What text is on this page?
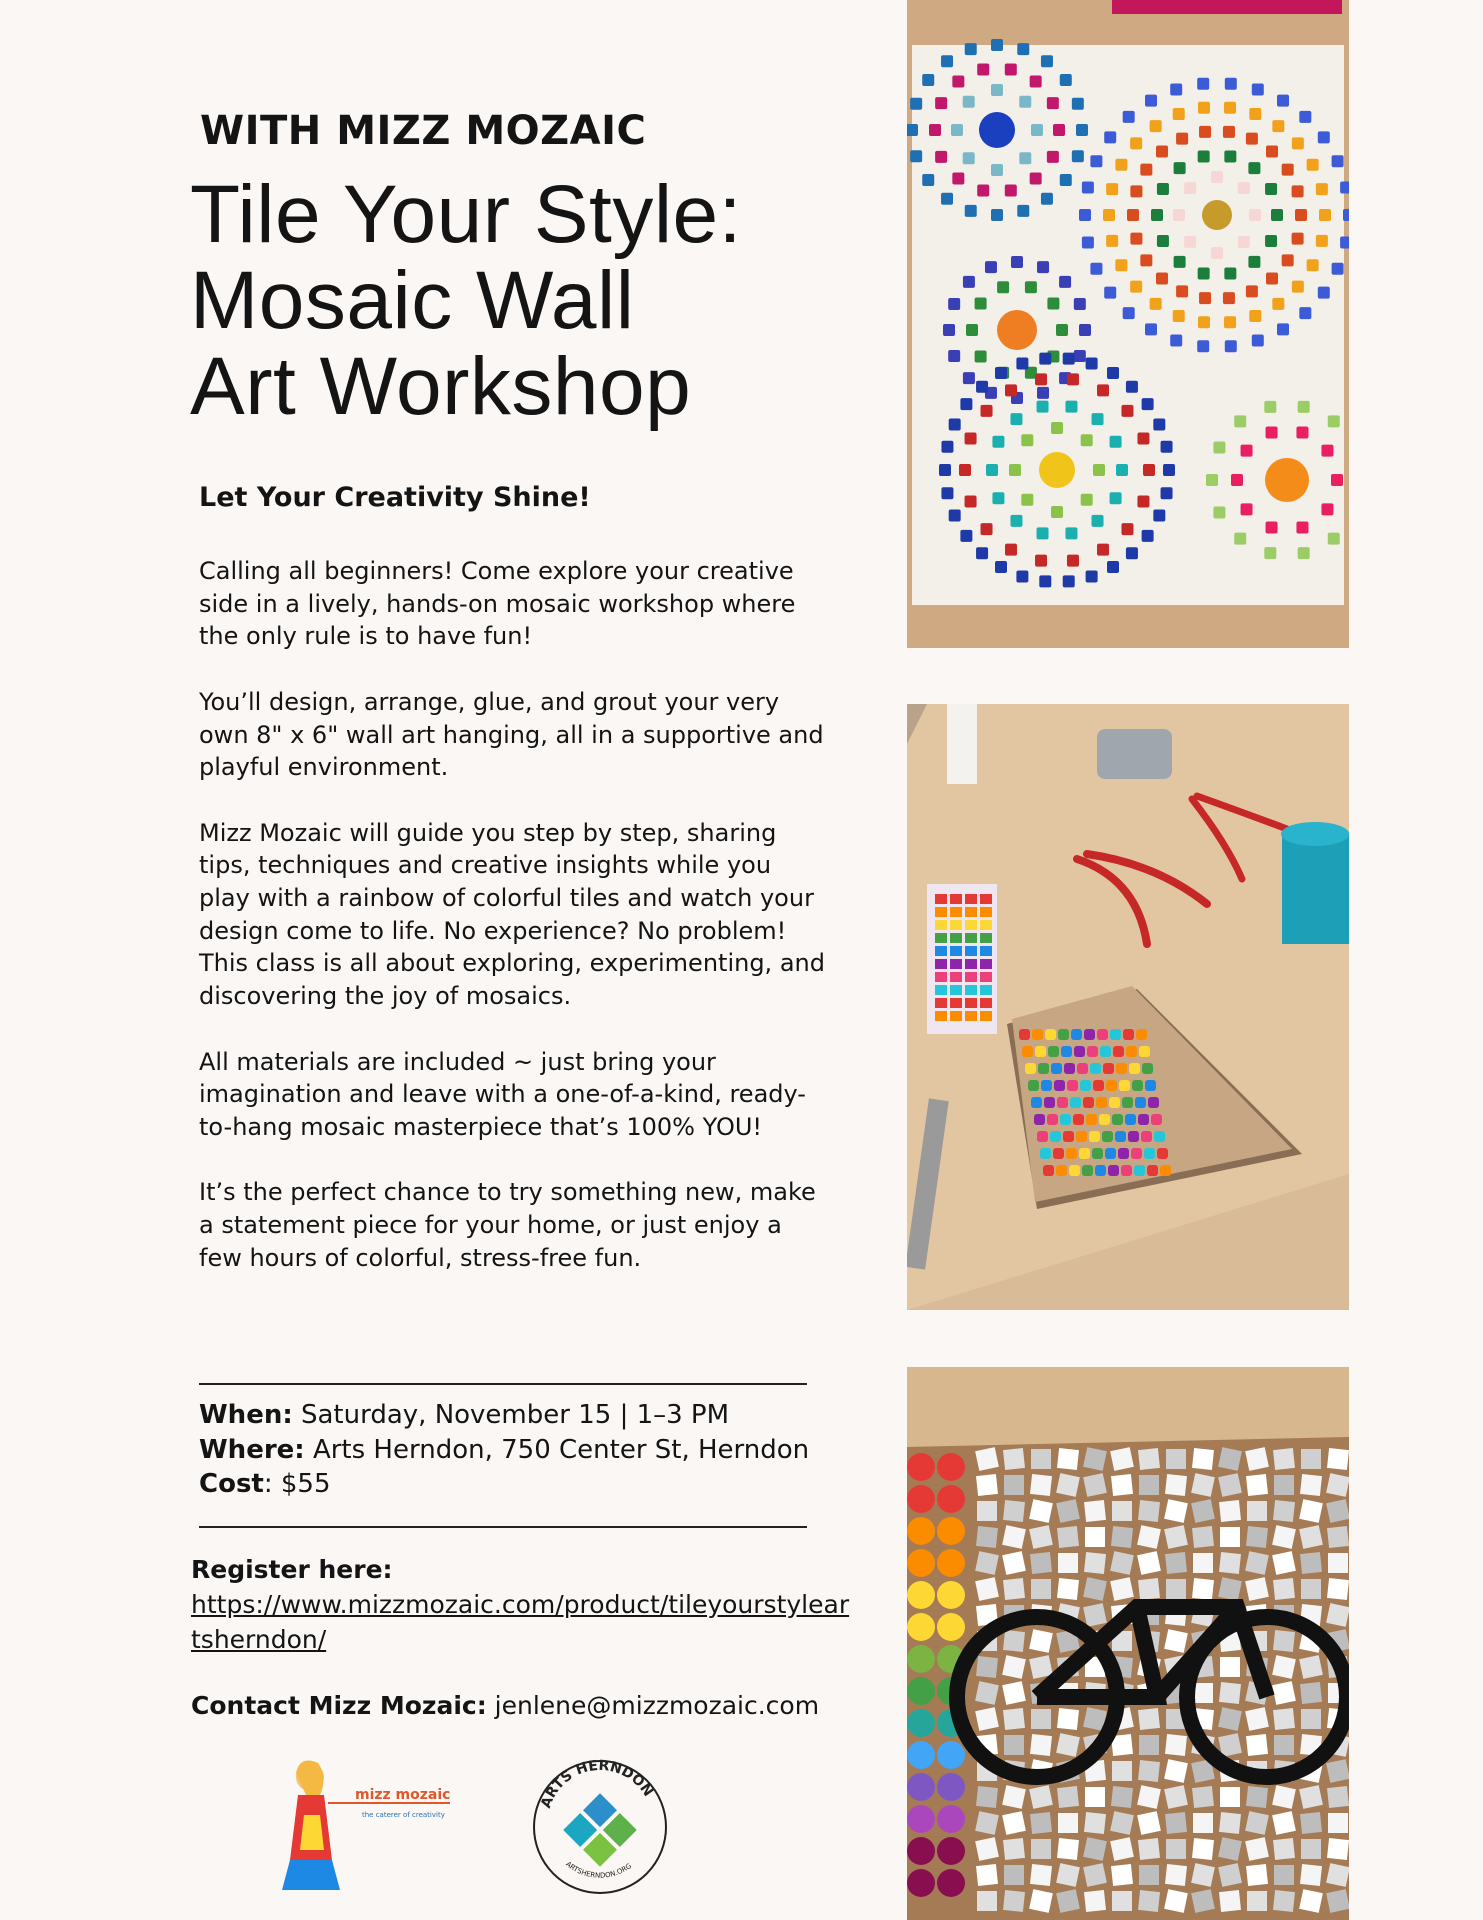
WITH MIZZ MOZAIC
Tile Your Style:
Mosaic Wall
Art Workshop
Let Your Creativity Shine!

Calling all beginners! Come explore your creative side in a lively, hands-on mosaic workshop where the only rule is to have fun!

You’ll design, arrange, glue, and grout your very own 8" x 6" wall art hanging, all in a supportive and playful environment.

Mizz Mozaic will guide you step by step, sharing tips, techniques and creative insights while you play with a rainbow of colorful tiles and watch your design come to life. No experience? No problem! This class is all about exploring, experimenting, and discovering the joy of mosaics.

All materials are included ~ just bring your imagination and leave with a one-of-a-kind, ready-to-hang mosaic masterpiece that’s 100% YOU!

It’s the perfect chance to try something new, make a statement piece for your home, or just enjoy a few hours of colorful, stress-free fun.

When: Saturday, November 15 | 1–3 PM
Where: Arts Herndon, 750 Center St, Herndon
Cost: $55
Register here:
https://www.mizzmozaic.com/product/tileyourstyleartsherndon/
Contact Mizz Mozaic: jenlene@mizzmozaic.com
mizz mozaic
the caterer of creativity
ARTS HERNDON
ARTSHERNDON.ORG
